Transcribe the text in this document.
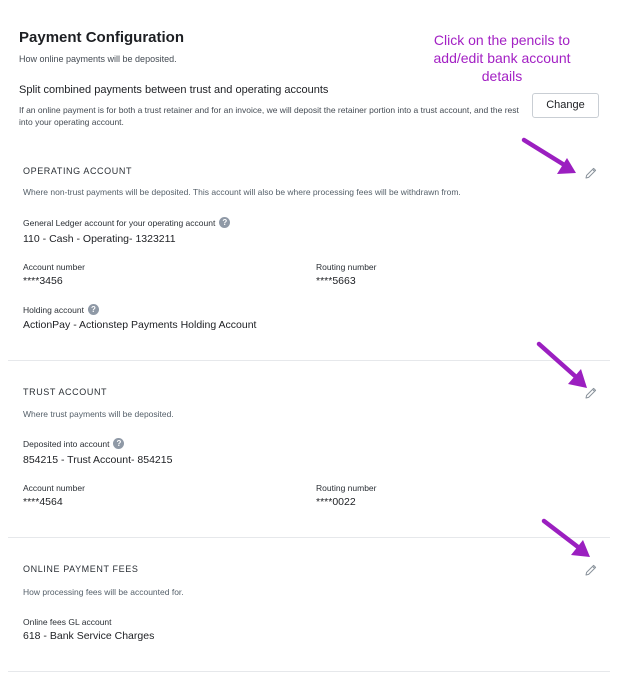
Payment Configuration
How online payments will be deposited.
Split combined payments between trust and operating accounts
If an online payment is for both a trust retainer and for an invoice, we will deposit the retainer portion into a trust account, and the rest into your operating account.
Change
Click on the pencils to add/edit bank account details
OPERATING ACCOUNT
Where non-trust payments will be deposited. This account will also be where processing fees will be withdrawn from.
General Ledger account for your operating account ?
110 - Cash - Operating- 1323211
Account number
****3456
Routing number
****5663
Holding account ?
ActionPay - Actionstep Payments Holding Account
TRUST ACCOUNT
Where trust payments will be deposited.
Deposited into account ?
854215 - Trust Account- 854215
Account number
****4564
Routing number
****0022
ONLINE PAYMENT FEES
How processing fees will be accounted for.
Online fees GL account
618 - Bank Service Charges
